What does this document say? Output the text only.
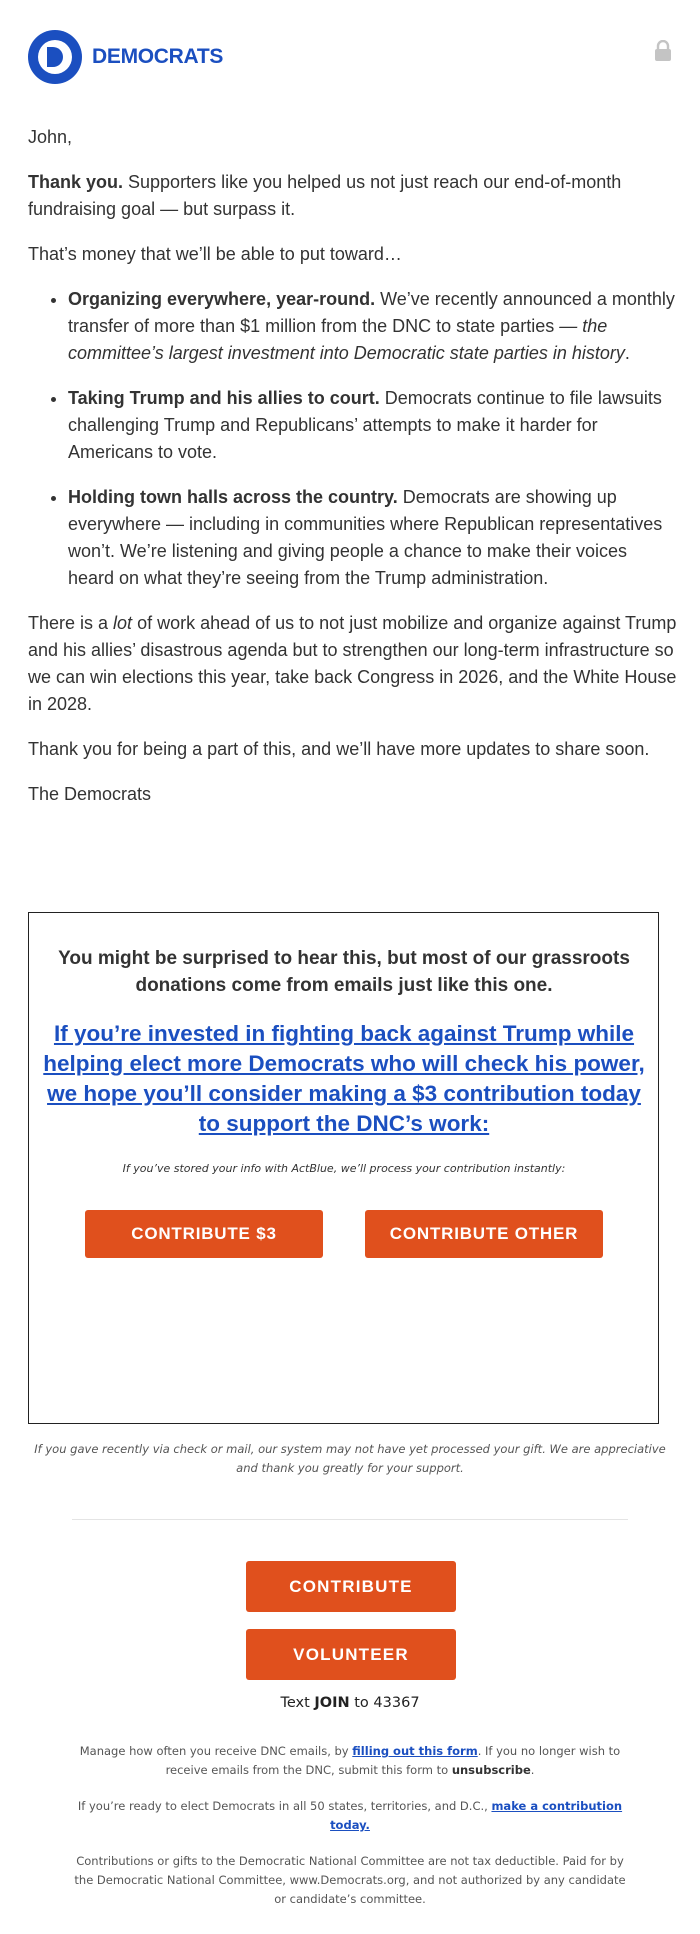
DEMOCRATS

John,

Thank you. Supporters like you helped us not just reach our end-of-month fundraising goal — but surpass it.

That’s money that we’ll be able to put toward…

• Organizing everywhere, year-round. We’ve recently announced a monthly transfer of more than $1 million from the DNC to state parties — the committee’s largest investment into Democratic state parties in history.
• Taking Trump and his allies to court. Democrats continue to file lawsuits challenging Trump and Republicans’ attempts to make it harder for Americans to vote.
• Holding town halls across the country. Democrats are showing up everywhere — including in communities where Republican representatives won’t. We’re listening and giving people a chance to make their voices heard on what they’re seeing from the Trump administration.

There is a lot of work ahead of us to not just mobilize and organize against Trump and his allies’ disastrous agenda but to strengthen our long-term infrastructure so we can win elections this year, take back Congress in 2026, and the White House in 2028.

Thank you for being a part of this, and we’ll have more updates to share soon.

The Democrats

You might be surprised to hear this, but most of our grassroots donations come from emails just like this one.
If you’re invested in fighting back against Trump while helping elect more Democrats who will check his power, we hope you’ll consider making a $3 contribution today to support the DNC’s work:
If you’ve stored your info with ActBlue, we’ll process your contribution instantly:
CONTRIBUTE $3	CONTRIBUTE OTHER
If you gave recently via check or mail, our system may not have yet processed your gift. We are appreciative and thank you greatly for your support.
CONTRIBUTE
VOLUNTEER
Text JOIN to 43367
Manage how often you receive DNC emails, by filling out this form. If you no longer wish to receive emails from the DNC, submit this form to unsubscribe.
If you’re ready to elect Democrats in all 50 states, territories, and D.C., make a contribution today.
Contributions or gifts to the Democratic National Committee are not tax deductible. Paid for by the Democratic National Committee, www.Democrats.org, and not authorized by any candidate or candidate’s committee.
